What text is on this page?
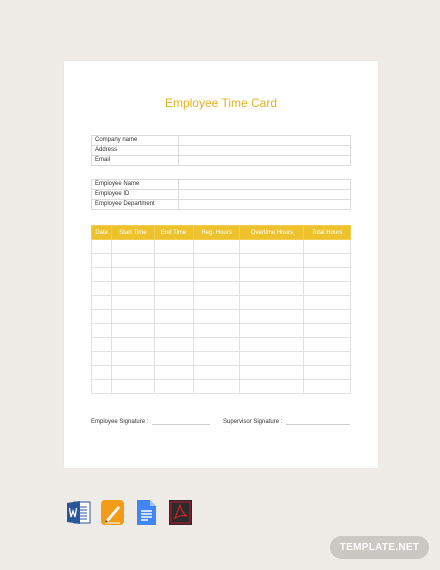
Employee Time Card
Company name	
Address	
Email	
Employee Name	
Employee ID	
Employee Department	
Date	Start Time	End Time	Reg. Hours	Overtime Hours	Total Hours

Employee Signature :	Supervisor Signature :
TEMPLATE.NET
